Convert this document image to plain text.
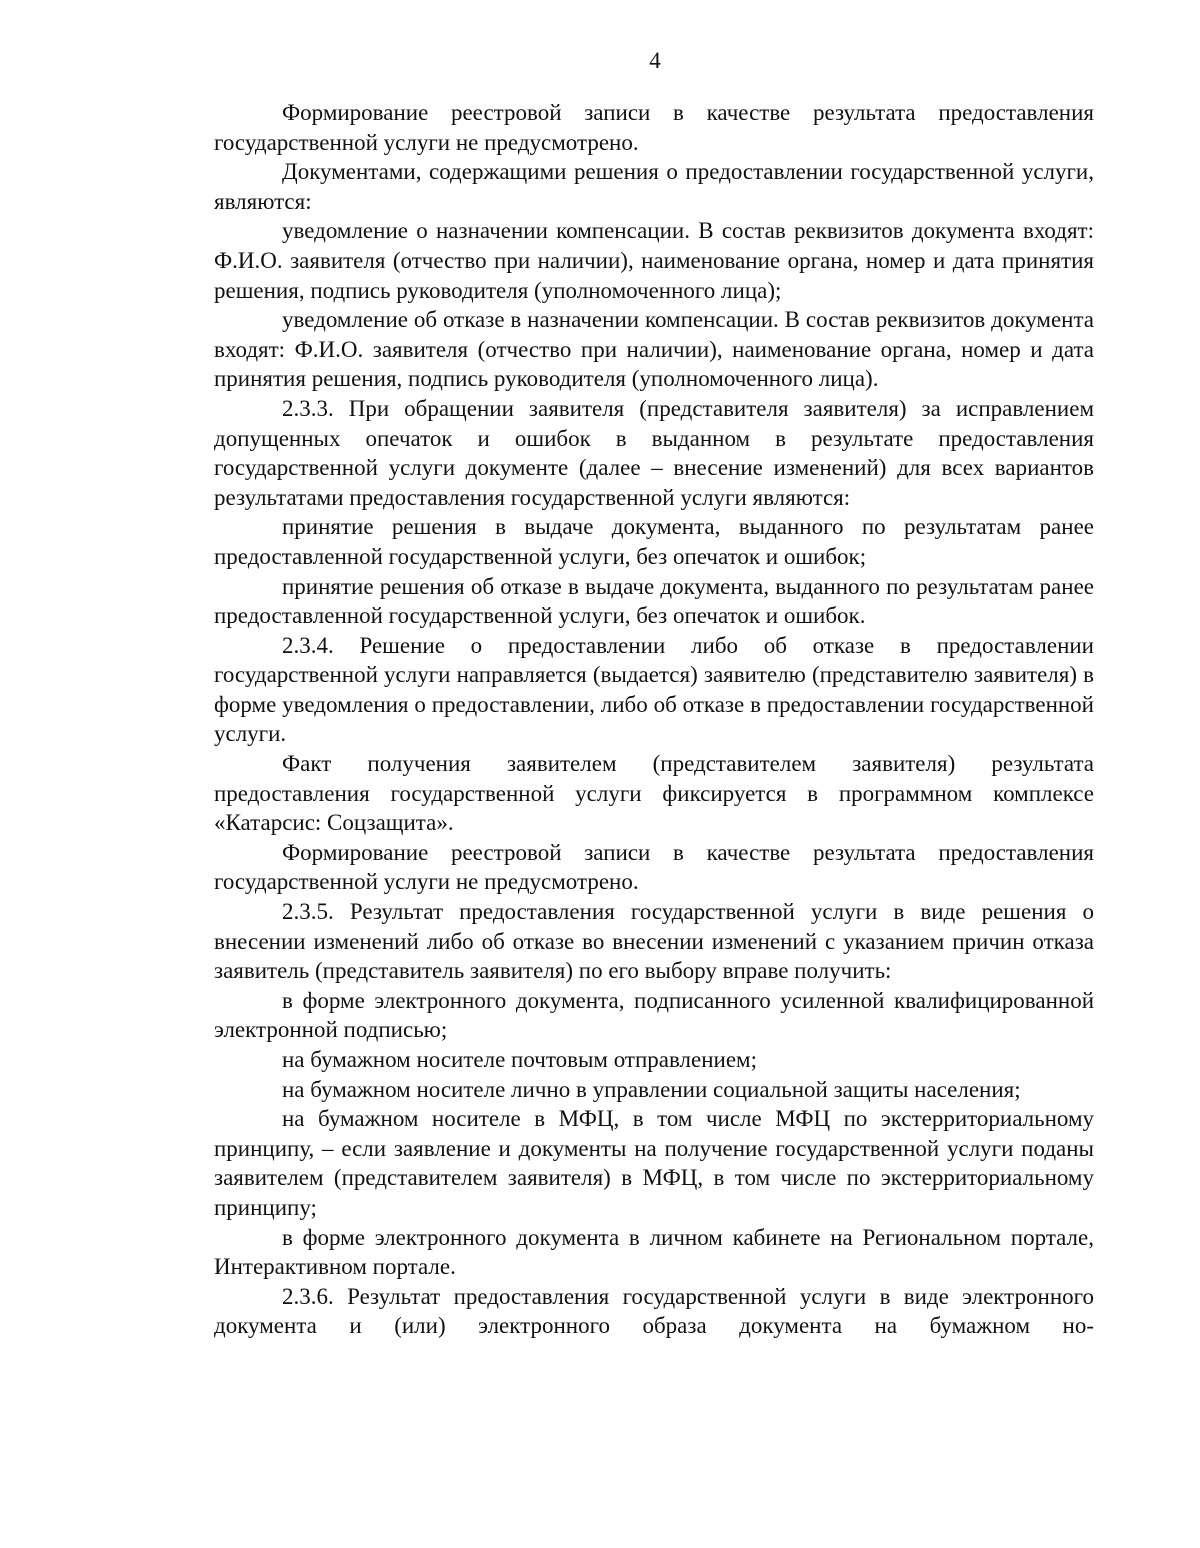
4

Формирование реестровой записи в качестве результата предоставления государственной услуги не предусмотрено.

Документами, содержащими решения о предоставлении государственной услуги, являются:

уведомление о назначении компенсации. В состав реквизитов документа входят: Ф.И.О. заявителя (отчество при наличии), наименование органа, номер и дата принятия решения, подпись руководителя (уполномоченного лица);

уведомление об отказе в назначении компенсации. В состав реквизитов документа входят: Ф.И.О. заявителя (отчество при наличии), наименование органа, номер и дата принятия решения, подпись руководителя (уполномоченного лица).

2.3.3. При обращении заявителя (представителя заявителя) за исправлением допущенных опечаток и ошибок в выданном в результате предоставления государственной услуги документе (далее – внесение изменений) для всех вариантов результатами предоставления государственной услуги являются:

принятие решения в выдаче документа, выданного по результатам ранее предоставленной государственной услуги, без опечаток и ошибок;

принятие решения об отказе в выдаче документа, выданного по результатам ранее предоставленной государственной услуги, без опечаток и ошибок.

2.3.4. Решение о предоставлении либо об отказе в предоставлении государственной услуги направляется (выдается) заявителю (представителю заявителя) в форме уведомления о предоставлении, либо об отказе в предоставлении государственной услуги.

Факт получения заявителем (представителем заявителя) результата предоставления государственной услуги фиксируется в программном комплексе «Катарсис: Соцзащита».

Формирование реестровой записи в качестве результата предоставления государственной услуги не предусмотрено.

2.3.5. Результат предоставления государственной услуги в виде решения о внесении изменений либо об отказе во внесении изменений с указанием причин отказа заявитель (представитель заявителя) по его выбору вправе получить:

в форме электронного документа, подписанного усиленной квалифицированной электронной подписью;

на бумажном носителе почтовым отправлением;

на бумажном носителе лично в управлении социальной защиты населения;

на бумажном носителе в МФЦ, в том числе МФЦ по экстерриториальному принципу, – если заявление и документы на получение государственной услуги поданы заявителем (представителем заявителя) в МФЦ, в том числе по экстерриториальному принципу;

в форме электронного документа в личном кабинете на Региональном портале, Интерактивном портале.

2.3.6. Результат предоставления государственной услуги в виде электронного документа и (или) электронного образа документа на бумажном но-
